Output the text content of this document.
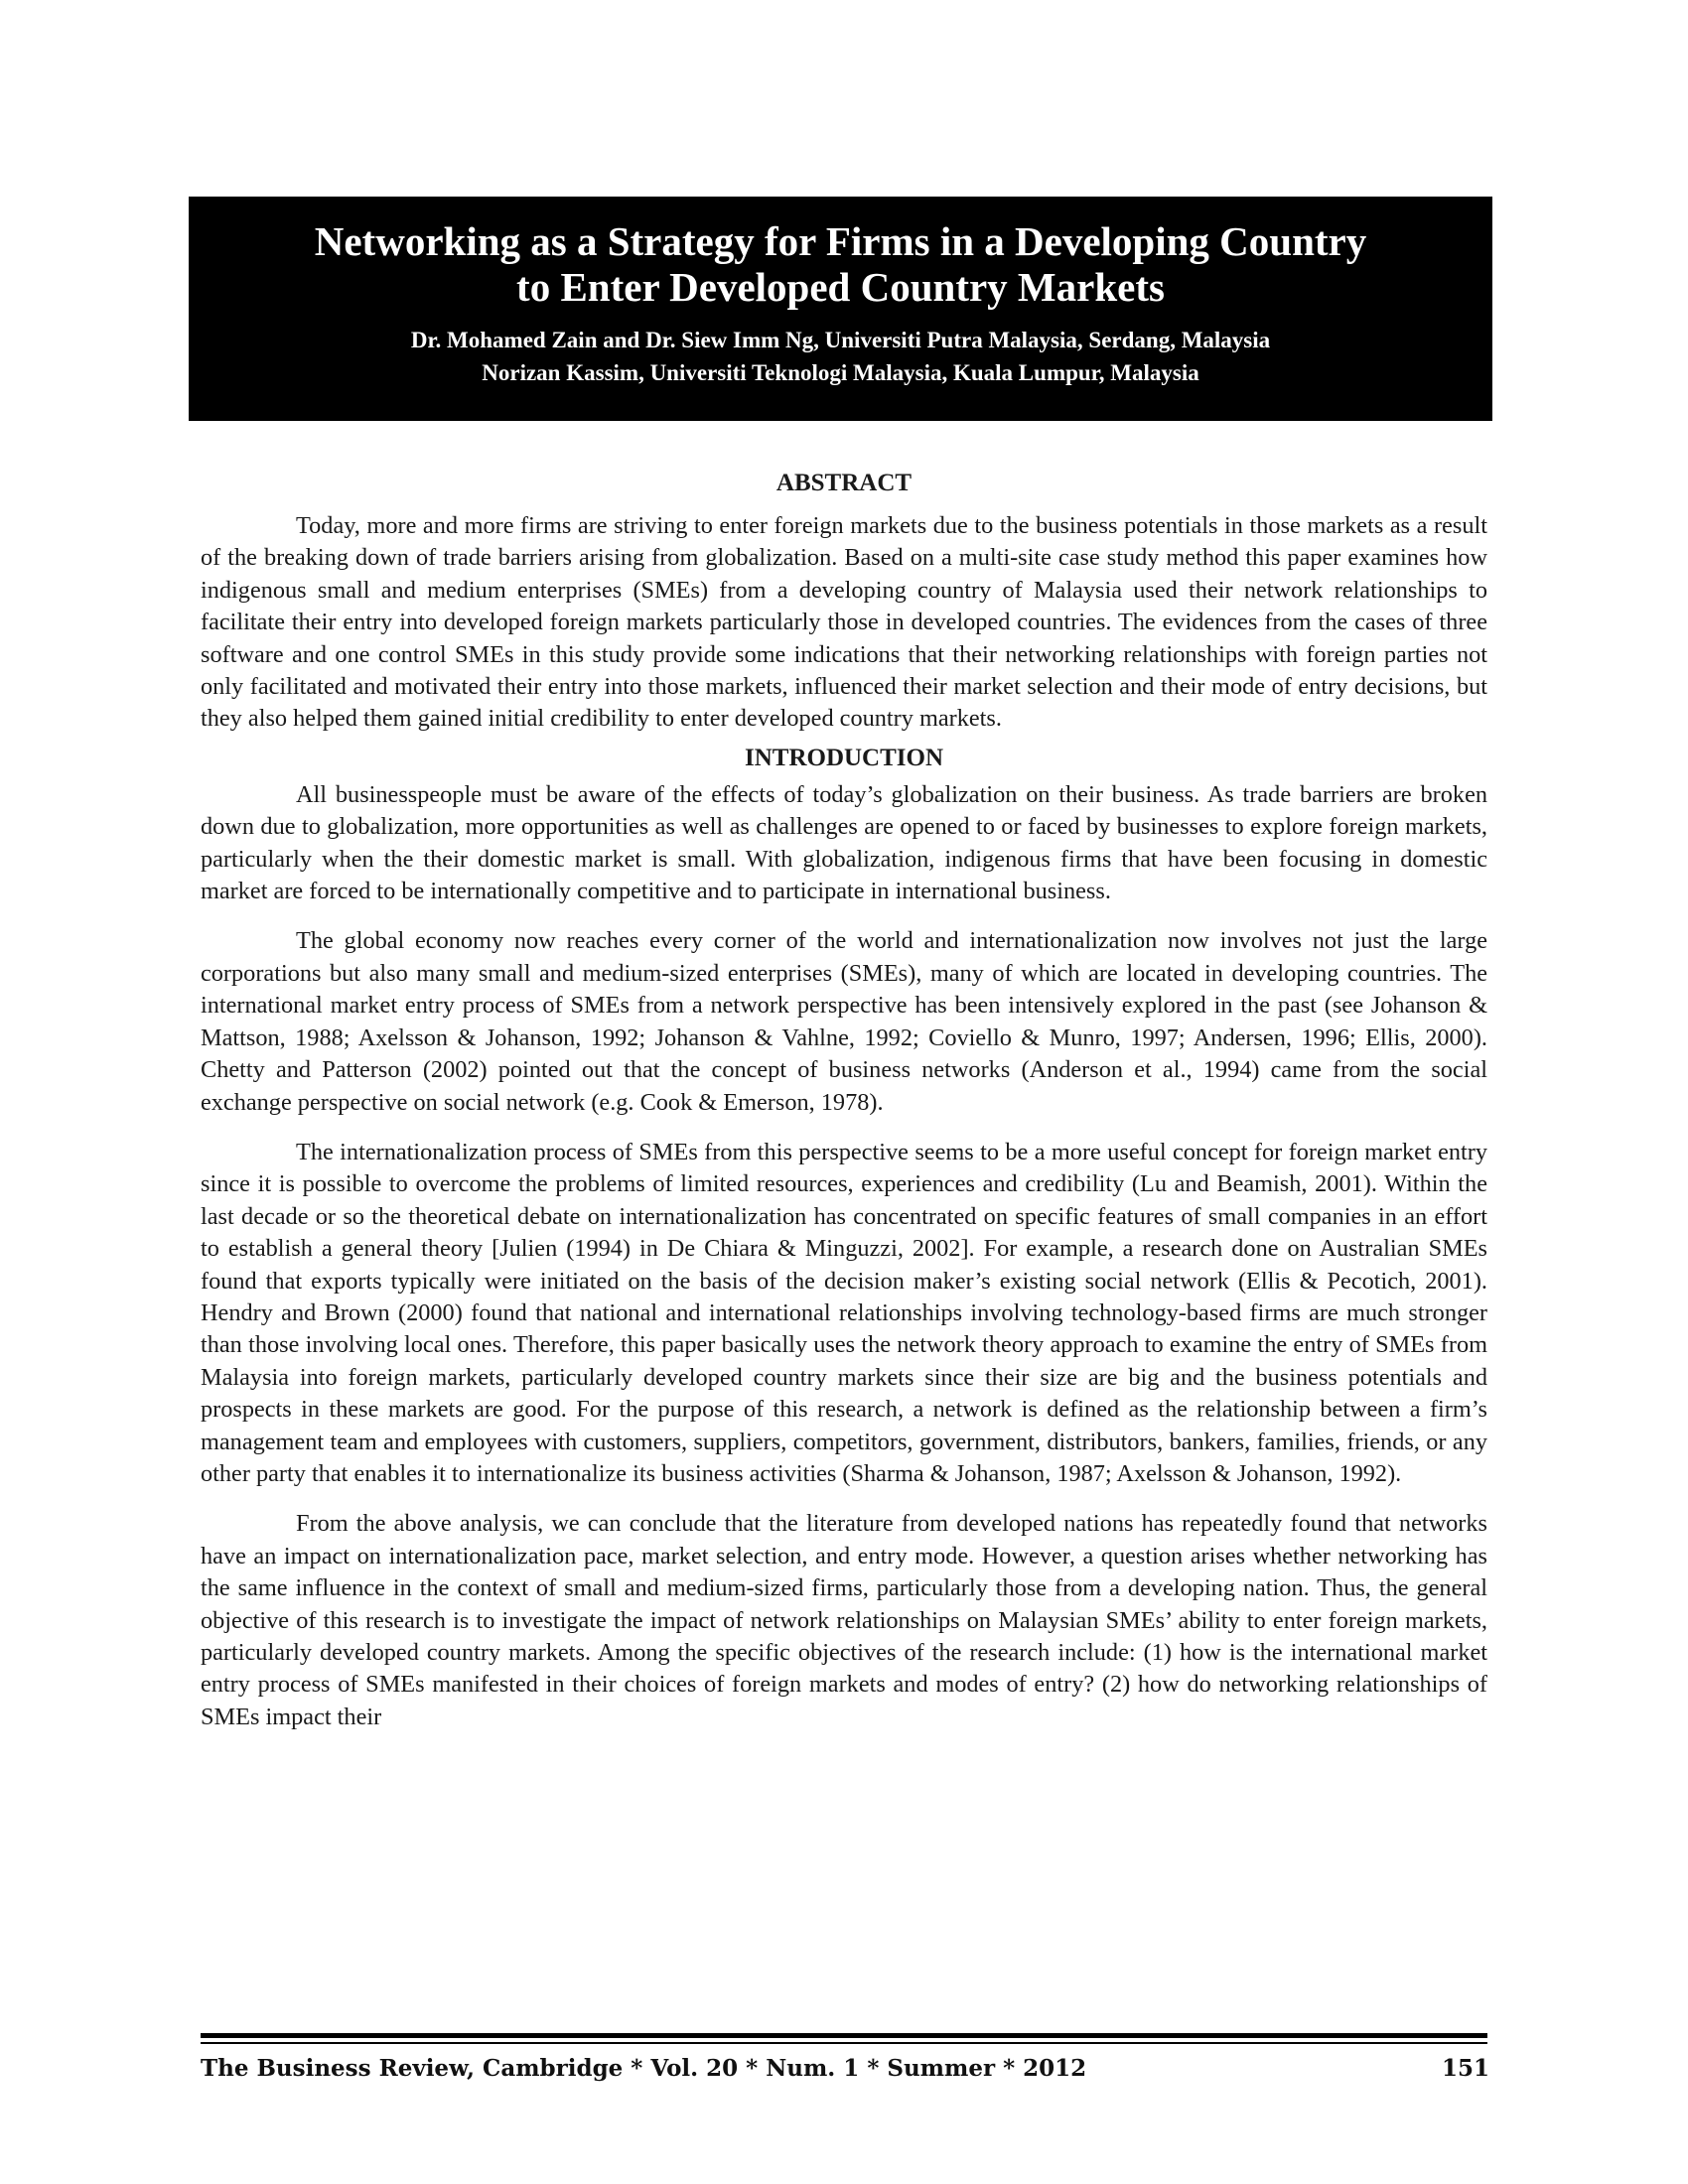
Networking as a Strategy for Firms in a Developing Country

to Enter Developed Country Markets

Dr. Mohamed Zain and Dr. Siew Imm Ng, Universiti Putra Malaysia, Serdang, Malaysia

Norizan Kassim, Universiti Teknologi Malaysia, Kuala Lumpur, Malaysia

ABSTRACT

Today, more and more firms are striving to enter foreign markets due to the business potentials in those markets as a result of the breaking down of trade barriers arising from globalization. Based on a multi-site case study method this paper examines how indigenous small and medium enterprises (SMEs) from a developing country of Malaysia used their network relationships to facilitate their entry into developed foreign markets particularly those in developed countries. The evidences from the cases of three software and one control SMEs in this study provide some indications that their networking relationships with foreign parties not only facilitated and motivated their entry into those markets, influenced their market selection and their mode of entry decisions, but they also helped them gained initial credibility to enter developed country markets.

INTRODUCTION

All businesspeople must be aware of the effects of today’s globalization on their business. As trade barriers are broken down due to globalization, more opportunities as well as challenges are opened to or faced by businesses to explore foreign markets, particularly when the their domestic market is small. With globalization, indigenous firms that have been focusing in domestic market are forced to be internationally competitive and to participate in international business.

The global economy now reaches every corner of the world and internationalization now involves not just the large corporations but also many small and medium-sized enterprises (SMEs), many of which are located in developing countries. The international market entry process of SMEs from a network perspective has been intensively explored in the past (see Johanson & Mattson, 1988; Axelsson & Johanson, 1992; Johanson & Vahlne, 1992; Coviello & Munro, 1997; Andersen, 1996; Ellis, 2000). Chetty and Patterson (2002) pointed out that the concept of business networks (Anderson et al., 1994) came from the social exchange perspective on social network (e.g. Cook & Emerson, 1978).

The internationalization process of SMEs from this perspective seems to be a more useful concept for foreign market entry since it is possible to overcome the problems of limited resources, experiences and credibility (Lu and Beamish, 2001). Within the last decade or so the theoretical debate on internationalization has concentrated on specific features of small companies in an effort to establish a general theory [Julien (1994) in De Chiara & Minguzzi, 2002]. For example, a research done on Australian SMEs found that exports typically were initiated on the basis of the decision maker’s existing social network (Ellis & Pecotich, 2001). Hendry and Brown (2000) found that national and international relationships involving technology-based firms are much stronger than those involving local ones. Therefore, this paper basically uses the network theory approach to examine the entry of SMEs from Malaysia into foreign markets, particularly developed country markets since their size are big and the business potentials and prospects in these markets are good. For the purpose of this research, a network is defined as the relationship between a firm’s management team and employees with customers, suppliers, competitors, government, distributors, bankers, families, friends, or any other party that enables it to internationalize its business activities (Sharma & Johanson, 1987; Axelsson & Johanson, 1992).

From the above analysis, we can conclude that the literature from developed nations has repeatedly found that networks have an impact on internationalization pace, market selection, and entry mode. However, a question arises whether networking has the same influence in the context of small and medium-sized firms, particularly those from a developing nation. Thus, the general objective of this research is to investigate the impact of network relationships on Malaysian SMEs’ ability to enter foreign markets, particularly developed country markets. Among the specific objectives of the research include: (1) how is the international market entry process of SMEs manifested in their choices of foreign markets and modes of entry? (2) how do networking relationships of SMEs impact their

The Business Review, Cambridge * Vol. 20 * Num. 1 * Summer * 2012	151
